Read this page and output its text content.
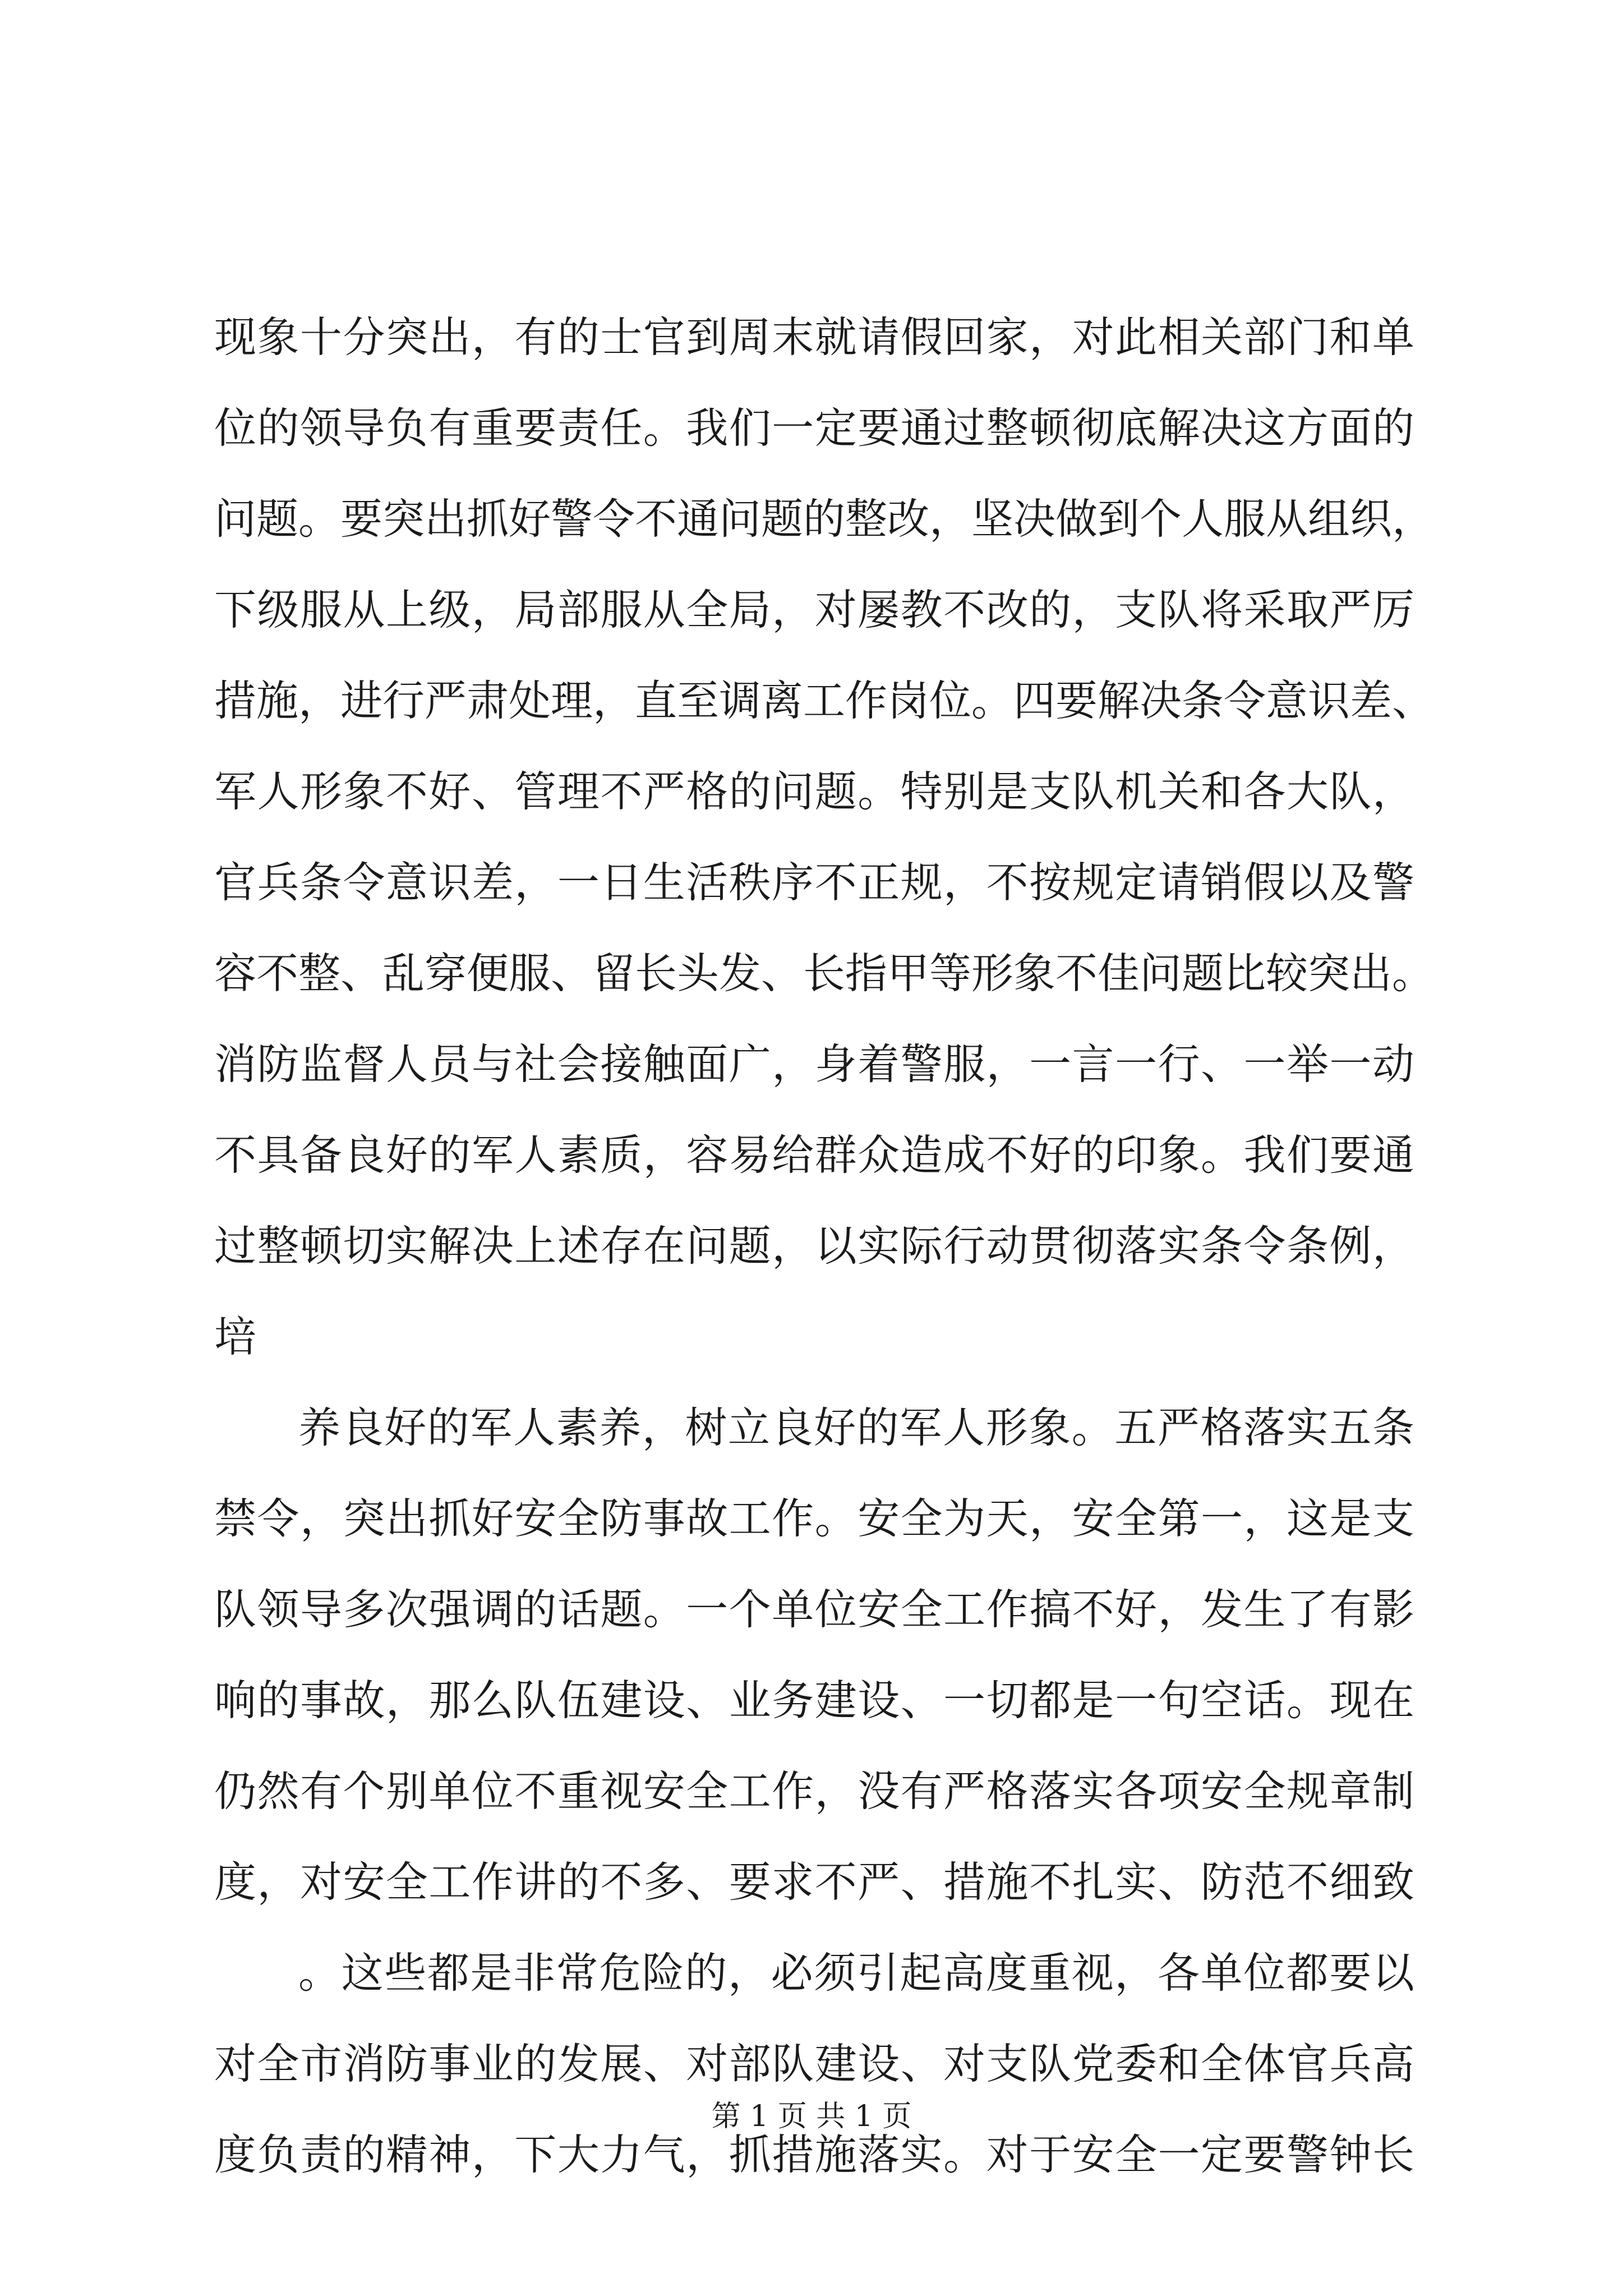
现象十分突出，有的士官到周末就请假回家，对此相关部门和单
位的领导负有重要责任。我们一定要通过整顿彻底解决这方面的
问题。要突出抓好警令不通问题的整改，坚决做到个人服从组织，
下级服从上级，局部服从全局，对屡教不改的，支队将采取严厉
措施，进行严肃处理，直至调离工作岗位。四要解决条令意识差、
军人形象不好、管理不严格的问题。特别是支队机关和各大队，
官兵条令意识差，一日生活秩序不正规，不按规定请销假以及警
容不整、乱穿便服、留长头发、长指甲等形象不佳问题比较突出。
消防监督人员与社会接触面广，身着警服，一言一行、一举一动
不具备良好的军人素质，容易给群众造成不好的印象。我们要通
过整顿切实解决上述存在问题，以实际行动贯彻落实条令条例，
培
养良好的军人素养，树立良好的军人形象。五严格落实五条
禁令，突出抓好安全防事故工作。安全为天，安全第一，这是支
队领导多次强调的话题。一个单位安全工作搞不好，发生了有影
响的事故，那么队伍建设、业务建设、一切都是一句空话。现在
仍然有个别单位不重视安全工作，没有严格落实各项安全规章制
度，对安全工作讲的不多、要求不严、措施不扎实、防范不细致
。这些都是非常危险的，必须引起高度重视，各单位都要以
对全市消防事业的发展、对部队建设、对支队党委和全体官兵高
度负责的精神，下大力气，抓措施落实。对于安全一定要警钟长
第 1 页 共 1 页
